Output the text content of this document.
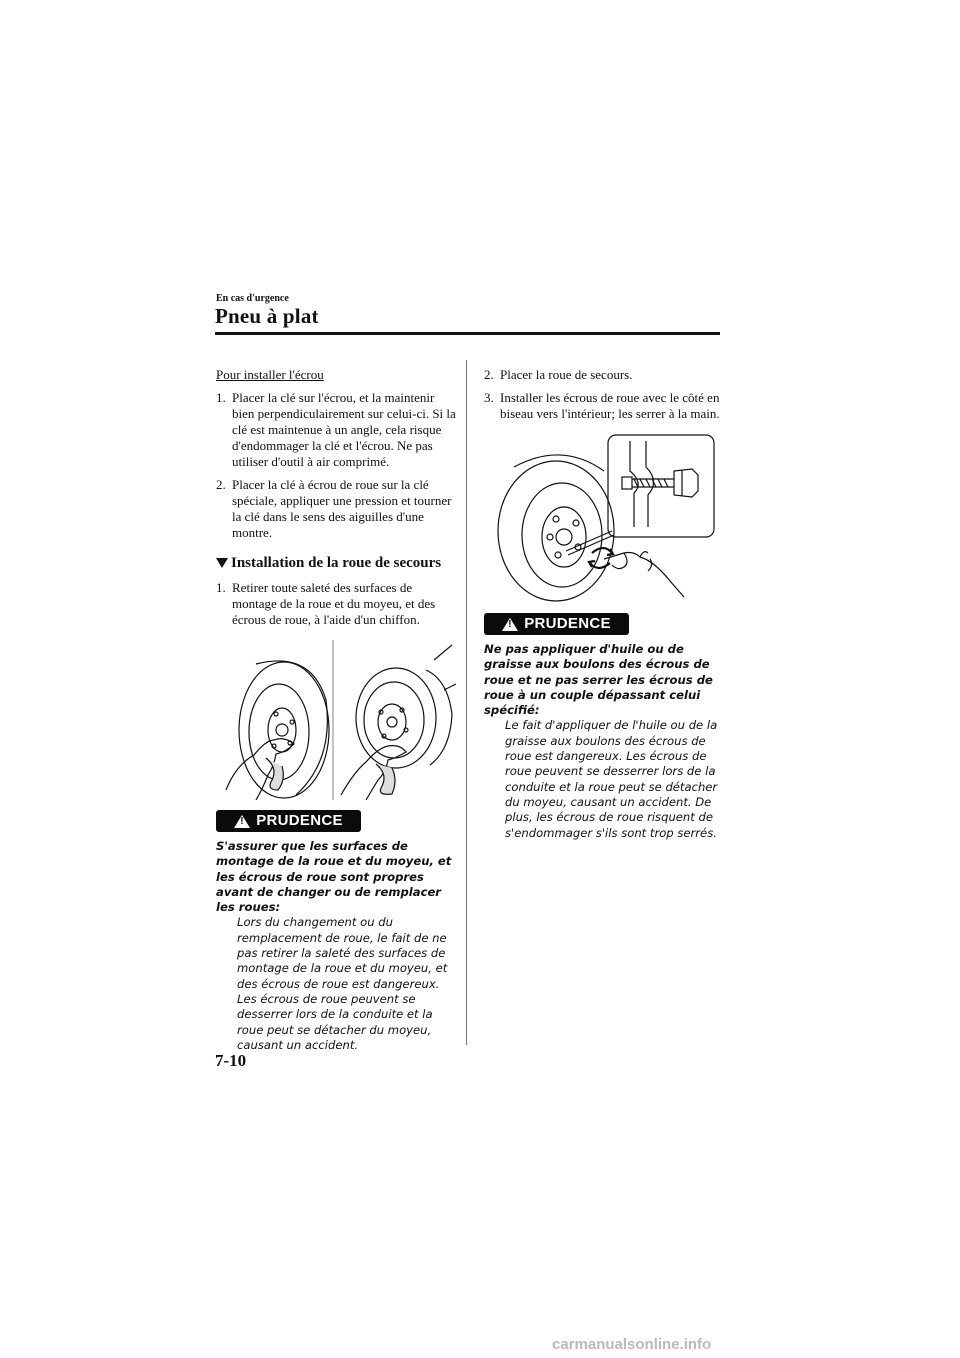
En cas d'urgence
Pneu à plat
Pour installer l'écrou
1. Placer la clé sur l'écrou, et la maintenir bien perpendiculairement sur celui-ci. Si la clé est maintenue à un angle, cela risque d'endommager la clé et l'écrou. Ne pas utiliser d'outil à air comprimé.
2. Placer la clé à écrou de roue sur la clé spéciale, appliquer une pression et tourner la clé dans le sens des aiguilles d'une montre.
Installation de la roue de secours
1. Retirer toute saleté des surfaces de montage de la roue et du moyeu, et des écrous de roue, à l'aide d'un chiffon.
!
PRUDENCE
S'assurer que les surfaces de montage de la roue et du moyeu, et les écrous de roue sont propres avant de changer ou de remplacer les roues:
Lors du changement ou du remplacement de roue, le fait de ne pas retirer la saleté des surfaces de montage de la roue et du moyeu, et des écrous de roue est dangereux. Les écrous de roue peuvent se desserrer lors de la conduite et la roue peut se détacher du moyeu, causant un accident.
2. Placer la roue de secours.
3. Installer les écrous de roue avec le côté en biseau vers l'intérieur; les serrer à la main.
!
PRUDENCE
Ne pas appliquer d'huile ou de graisse aux boulons des écrous de roue et ne pas serrer les écrous de roue à un couple dépassant celui spécifié:
Le fait d'appliquer de l'huile ou de la graisse aux boulons des écrous de roue est dangereux. Les écrous de roue peuvent se desserrer lors de la conduite et la roue peut se détacher du moyeu, causant un accident. De plus, les écrous de roue risquent de s'endommager s'ils sont trop serrés.
7-10
carmanualsonline.info
